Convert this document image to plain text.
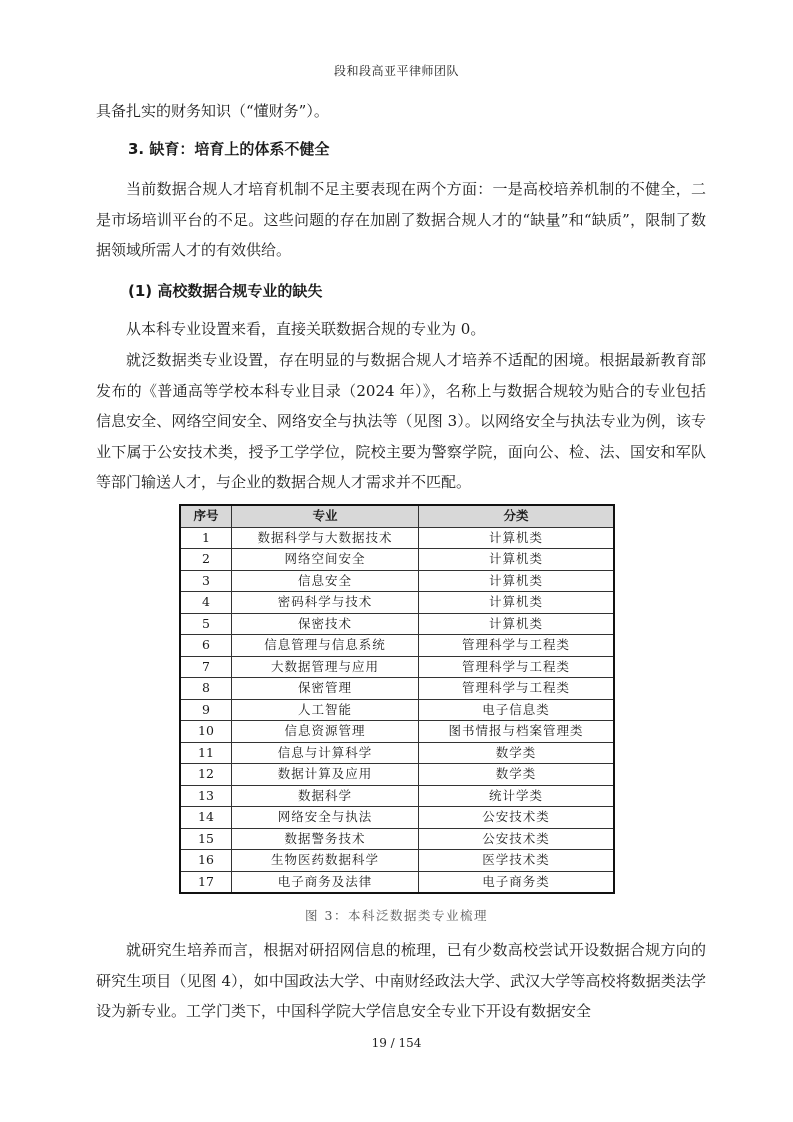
段和段高亚平律师团队

具备扎实的财务知识（“懂财务”）。

3. 缺育：培育上的体系不健全

当前数据合规人才培育机制不足主要表现在两个方面：一是高校培养机制的不健全，二是市场培训平台的不足。这些问题的存在加剧了数据合规人才的“缺量”和“缺质”，限制了数据领域所需人才的有效供给。

(1) 高校数据合规专业的缺失

从本科专业设置来看，直接关联数据合规的专业为 0。

就泛数据类专业设置，存在明显的与数据合规人才培养不适配的困境。根据最新教育部发布的《普通高等学校本科专业目录（2024 年）》，名称上与数据合规较为贴合的专业包括信息安全、网络空间安全、网络安全与执法等（见图 3）。以网络安全与执法专业为例，该专业下属于公安技术类，授予工学学位，院校主要为警察学院，面向公、检、法、国安和军队等部门输送人才，与企业的数据合规人才需求并不匹配。

序号	专业	分类
1	数据科学与大数据技术	计算机类
2	网络空间安全	计算机类
3	信息安全	计算机类
4	密码科学与技术	计算机类
5	保密技术	计算机类
6	信息管理与信息系统	管理科学与工程类
7	大数据管理与应用	管理科学与工程类
8	保密管理	管理科学与工程类
9	人工智能	电子信息类
10	信息资源管理	图书情报与档案管理类
11	信息与计算科学	数学类
12	数据计算及应用	数学类
13	数据科学	统计学类
14	网络安全与执法	公安技术类
15	数据警务技术	公安技术类
16	生物医药数据科学	医学技术类
17	电子商务及法律	电子商务类
图 3：本科泛数据类专业梳理

就研究生培养而言，根据对研招网信息的梳理，已有少数高校尝试开设数据合规方向的研究生项目（见图 4），如中国政法大学、中南财经政法大学、武汉大学等高校将数据类法学设为新专业。工学门类下，中国科学院大学信息安全专业下开设有数据安全

19 / 154
